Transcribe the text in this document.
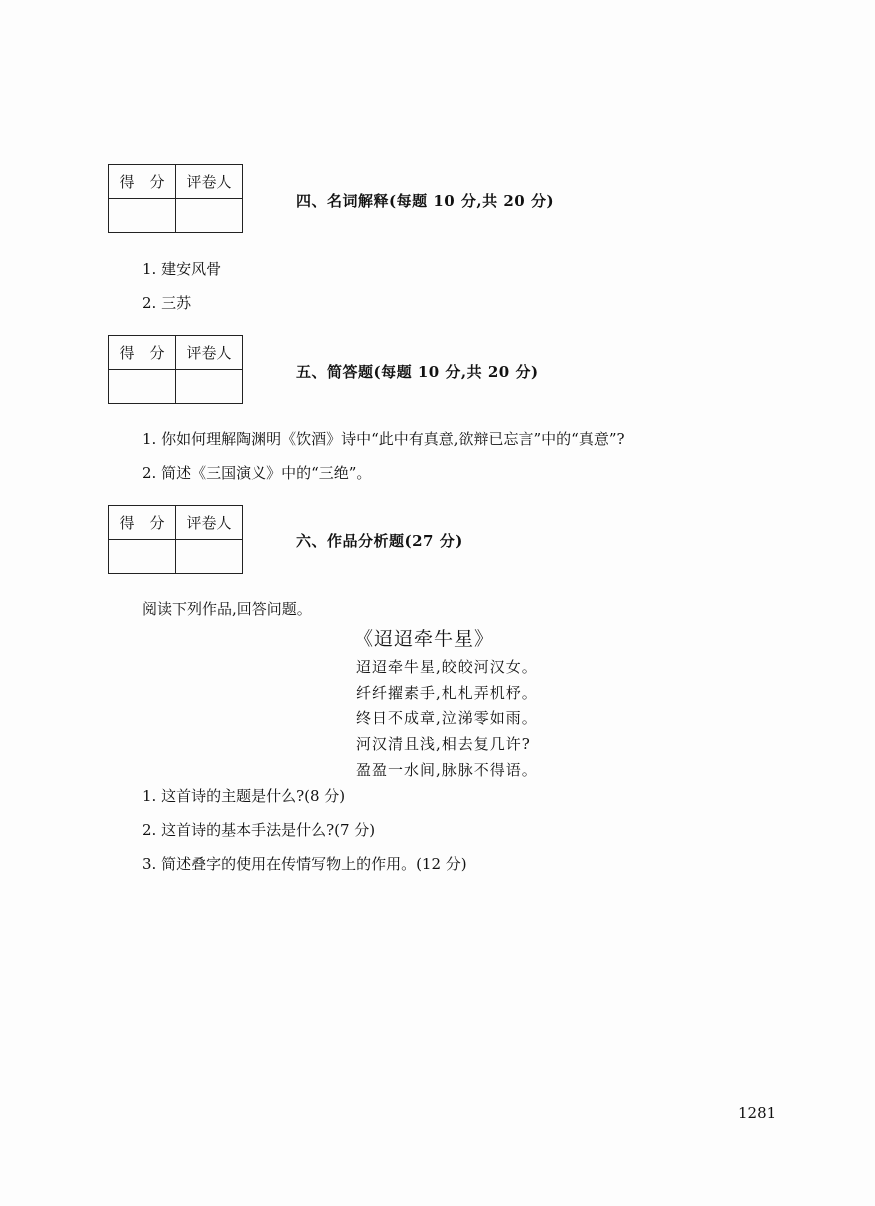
得　分	评卷人

四、名词解释(每题 10 分,共 20 分)
1. 建安风骨
2. 三苏
得　分	评卷人

五、简答题(每题 10 分,共 20 分)
1. 你如何理解陶渊明《饮酒》诗中“此中有真意,欲辩已忘言”中的“真意”?
2. 简述《三国演义》中的“三绝”。
得　分	评卷人

六、作品分析题(27 分)
阅读下列作品,回答问题。
《迢迢牵牛星》
迢迢牵牛星,皎皎河汉女。
纤纤擢素手,札札弄机杼。
终日不成章,泣涕零如雨。
河汉清且浅,相去复几许?
盈盈一水间,脉脉不得语。
1. 这首诗的主题是什么?(8 分)
2. 这首诗的基本手法是什么?(7 分)
3. 简述叠字的使用在传情写物上的作用。(12 分)
1281
